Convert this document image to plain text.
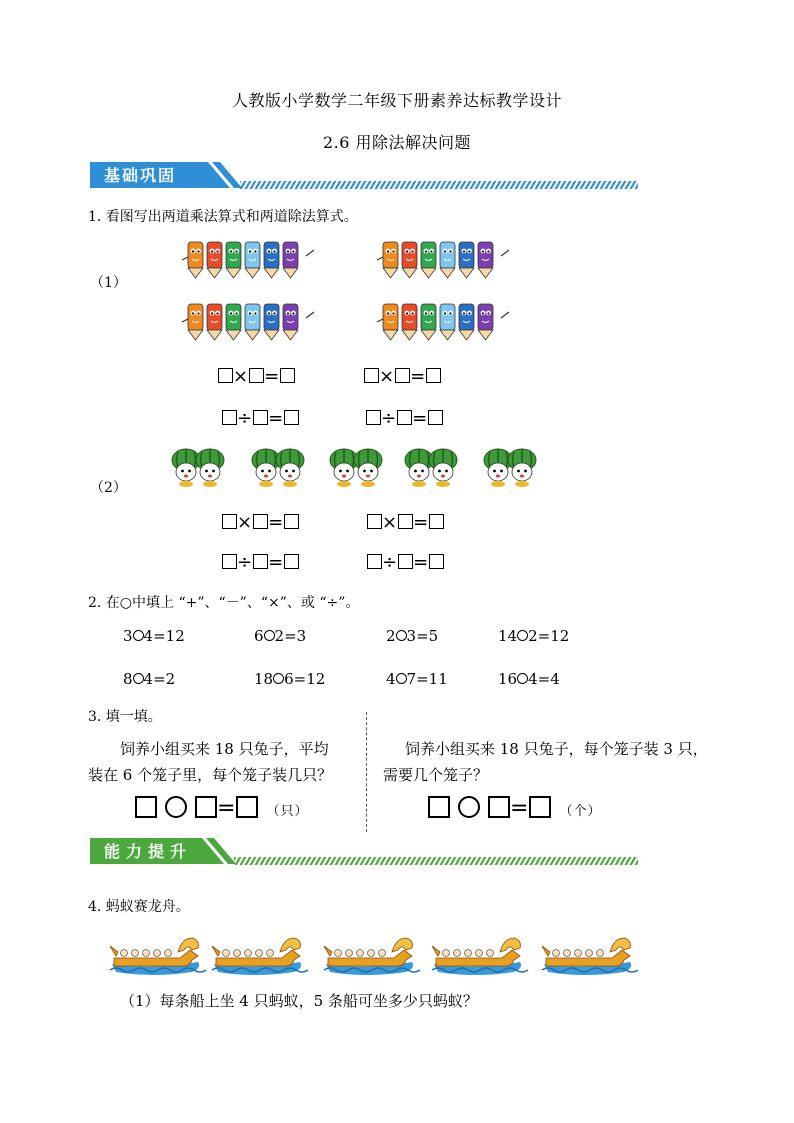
人教版小学数学二年级下册素养达标教学设计
2.6 用除法解决问题
基础巩固
1. 看图写出两道乘法算式和两道除法算式。
（1）
× =	× =
÷ =	÷ =
（2）
× =	× =
÷ =	÷ =
2. 在○中填上 “+”、“－”、“×”、或 “÷”。
3 4=12	6 2=3	2 3=5	14 2=12
8 4=2	18 6=12	4 7=11	16 4=4
3. 填一填。
饲养小组买来 18 只兔子，平均
装在 6 个笼子里，每个笼子装几只？
= （只）
饲养小组买来 18 只兔子，每个笼子装 3 只，
需要几个笼子？
= （个）
能力提升
4. 蚂蚁赛龙舟。
（1）每条船上坐 4 只蚂蚁，5 条船可坐多少只蚂蚁？
